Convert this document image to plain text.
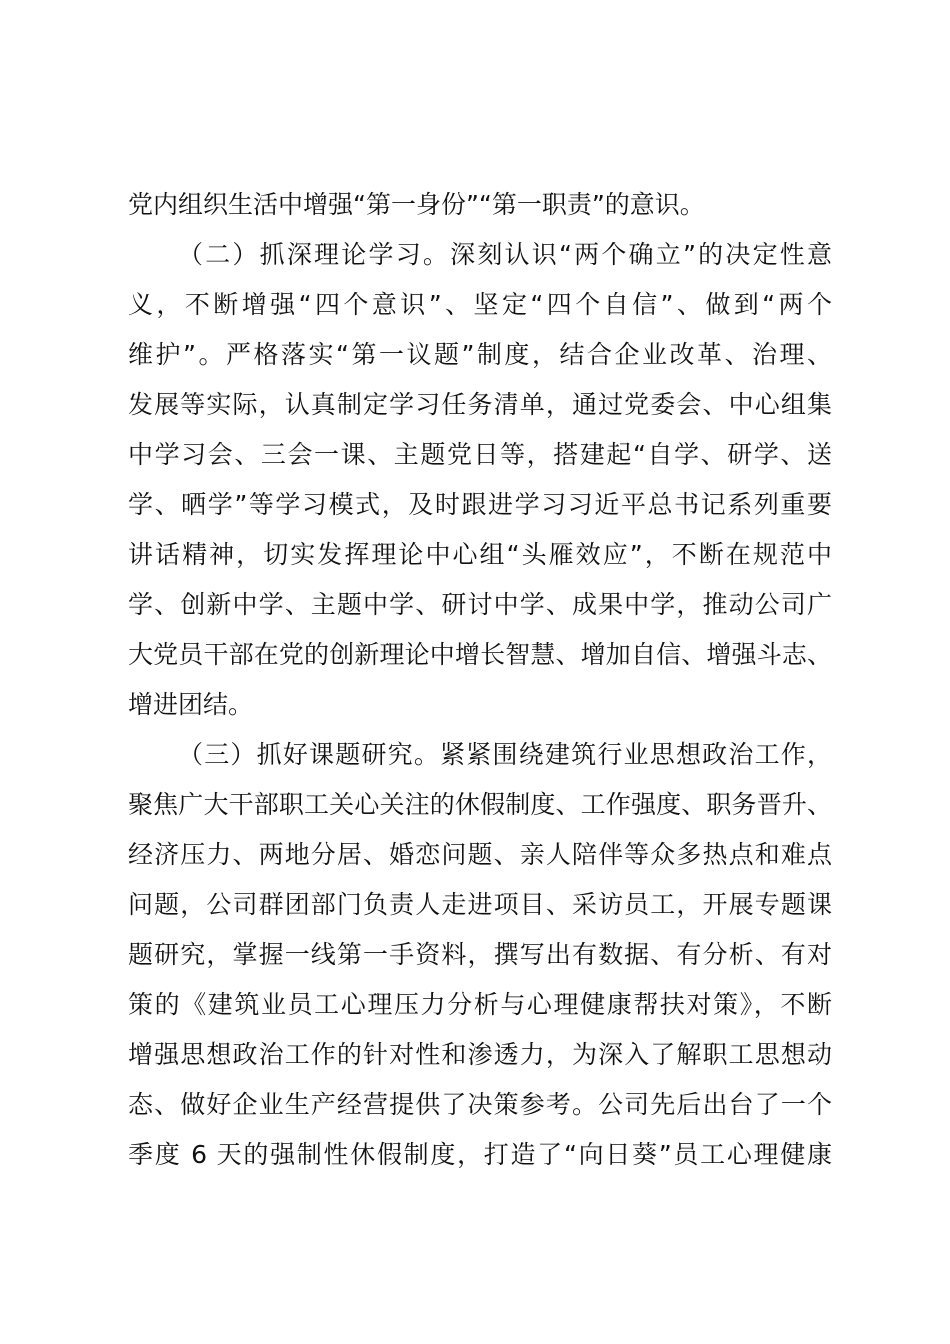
党内组织生活中增强“第一身份”“第一职责”的意识。
（二）抓深理论学习。深刻认识“两个确立”的决定性意
义，不断增强“四个意识”、坚定“四个自信”、做到“两个
维护”。严格落实“第一议题”制度，结合企业改革、治理、
发展等实际，认真制定学习任务清单，通过党委会、中心组集
中学习会、三会一课、主题党日等，搭建起“自学、研学、送
学、晒学”等学习模式，及时跟进学习习近平总书记系列重要
讲话精神，切实发挥理论中心组“头雁效应”，不断在规范中
学、创新中学、主题中学、研讨中学、成果中学，推动公司广
大党员干部在党的创新理论中增长智慧、增加自信、增强斗志、
增进团结。
（三）抓好课题研究。紧紧围绕建筑行业思想政治工作，
聚焦广大干部职工关心关注的休假制度、工作强度、职务晋升、
经济压力、两地分居、婚恋问题、亲人陪伴等众多热点和难点
问题，公司群团部门负责人走进项目、采访员工，开展专题课
题研究，掌握一线第一手资料，撰写出有数据、有分析、有对
策的《建筑业员工心理压力分析与心理健康帮扶对策》，不断
增强思想政治工作的针对性和渗透力，为深入了解职工思想动
态、做好企业生产经营提供了决策参考。公司先后出台了一个
季度 6 天的强制性休假制度，打造了“向日葵”员工心理健康
